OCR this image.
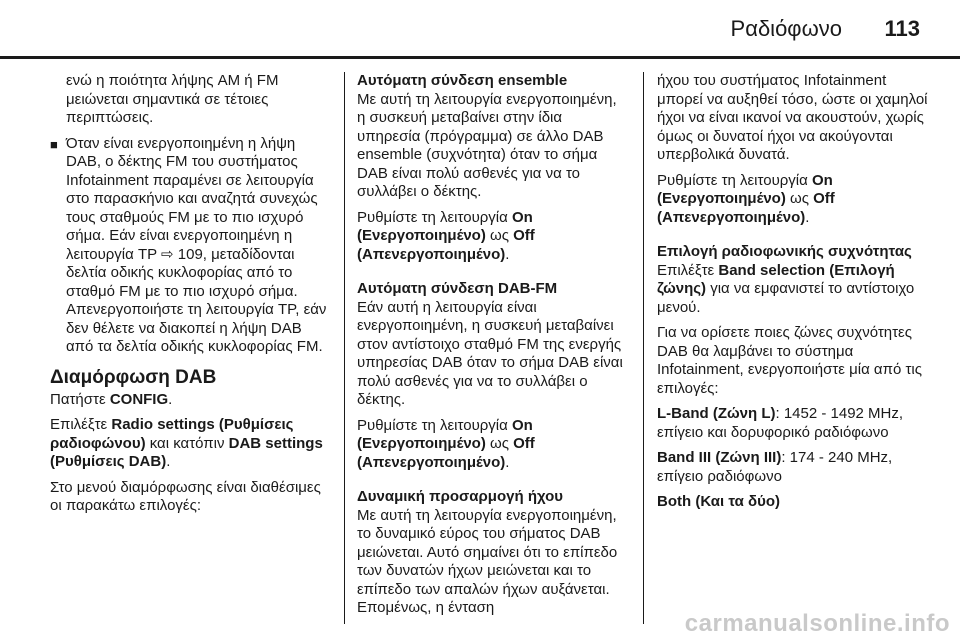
Ραδιόφωνο 113

ενώ η ποιότητα λήψης AM ή FM μειώνεται σημαντικά σε τέτοιες περιπτώσεις.

■ Όταν είναι ενεργοποιημένη η λήψη DAB, ο δέκτης FM του συστήματος Infotainment παραμένει σε λειτουργία στο παρασκήνιο και αναζητά συνεχώς τους σταθμούς FM με το πιο ισχυρό σήμα. Εάν είναι ενεργοποιημένη η λειτουργία TP ⇨ 109, μεταδίδονται δελτία οδικής κυκλοφορίας από το σταθμό FM με το πιο ισχυρό σήμα. Απενεργοποιήστε τη λειτουργία TP, εάν δεν θέλετε να διακοπεί η λήψη DAB από τα δελτία οδικής κυκλοφορίας FM.
Διαμόρφωση DAB

Πατήστε CONFIG.

Επιλέξτε Radio settings (Ρυθμίσεις ραδιοφώνου) και κατόπιν DAB settings (Ρυθμίσεις DAB).

Στο μενού διαμόρφωσης είναι διαθέσιμες οι παρακάτω επιλογές:

Αυτόματη σύνδεση ensemble

Με αυτή τη λειτουργία ενεργοποιημένη, η συσκευή μεταβαίνει στην ίδια υπηρεσία (πρόγραμμα) σε άλλο DAB ensemble (συχνότητα) όταν το σήμα DAB είναι πολύ ασθενές για να το συλλάβει ο δέκτης.

Ρυθμίστε τη λειτουργία On (Ενεργοποιημένο) ως Off (Απενεργοποιημένο).

Αυτόματη σύνδεση DAB-FM

Εάν αυτή η λειτουργία είναι ενεργοποιημένη, η συσκευή μεταβαίνει στον αντίστοιχο σταθμό FM της ενεργής υπηρεσίας DAB όταν το σήμα DAB είναι πολύ ασθενές για να το συλλάβει ο δέκτης.

Ρυθμίστε τη λειτουργία On (Ενεργοποιημένο) ως Off (Απενεργοποιημένο).

Δυναμική προσαρμογή ήχου

Με αυτή τη λειτουργία ενεργοποιημένη, το δυναμικό εύρος του σήματος DAB μειώνεται. Αυτό σημαίνει ότι το επίπεδο των δυνατών ήχων μειώνεται και το επίπεδο των απαλών ήχων αυξάνεται. Επομένως, η ένταση

ήχου του συστήματος Infotainment μπορεί να αυξηθεί τόσο, ώστε οι χαμηλοί ήχοι να είναι ικανοί να ακουστούν, χωρίς όμως οι δυνατοί ήχοι να ακούγονται υπερβολικά δυνατά.

Ρυθμίστε τη λειτουργία On (Ενεργοποιημένο) ως Off (Απενεργοποιημένο).

Επιλογή ραδιοφωνικής συχνότητας

Επιλέξτε Band selection (Επιλογή ζώνης) για να εμφανιστεί το αντίστοιχο μενού.

Για να ορίσετε ποιες ζώνες συχνότητες DAB θα λαμβάνει το σύστημα Infotainment, ενεργοποιήστε μία από τις επιλογές:

L-Band (Ζώνη L): 1452 - 1492 MHz, επίγειο και δορυφορικό ραδιόφωνο

Band III (Ζώνη III): 174 - 240 MHz, επίγειο ραδιόφωνο

Both (Και τα δύο)

carmanualsonline.info
